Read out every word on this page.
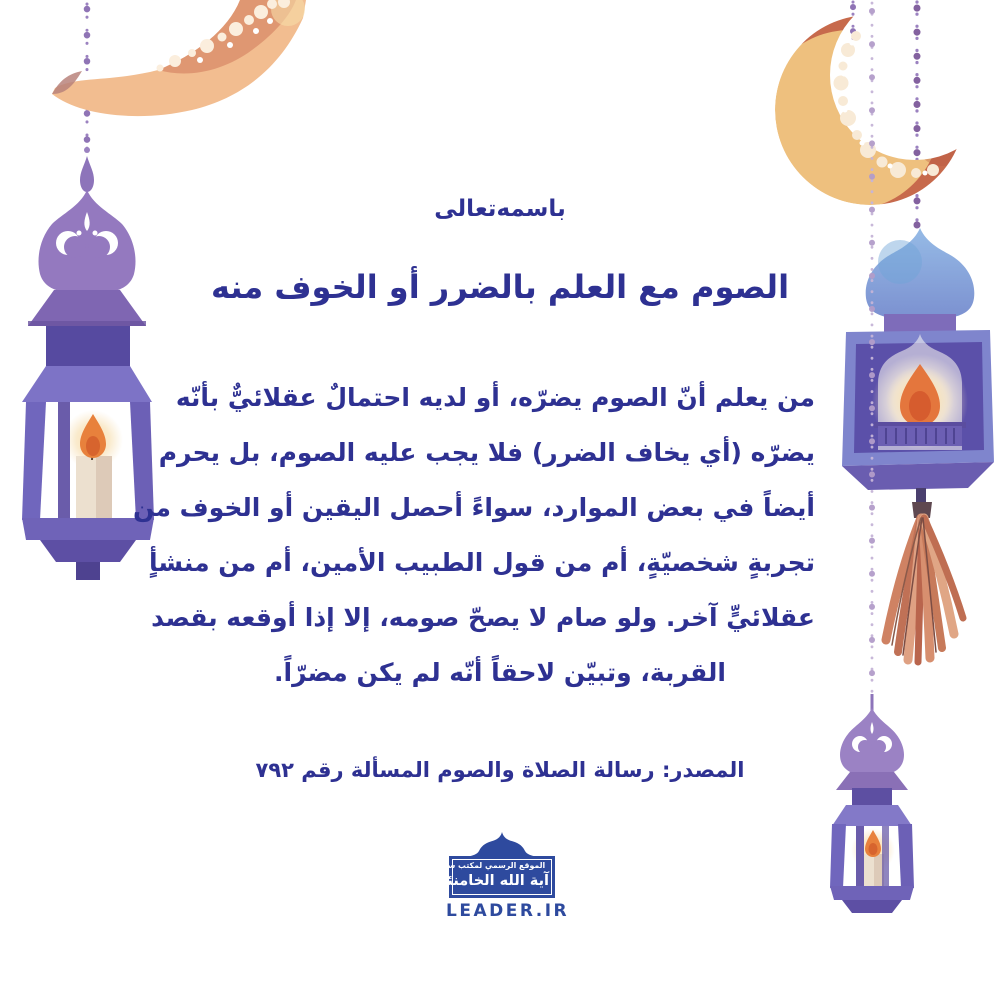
باسمه‌تعالى
الصوم مع العلم بالضرر أو الخوف منه
من يعلم أنّ الصوم يضرّه، أو لديه احتمالٌ عقلائيٌّ بأنّه
يضرّه (أي يخاف الضرر) فلا يجب عليه الصوم، بل يحرم
أيضاً في بعض الموارد، سواءً أحصل اليقين أو الخوف من
تجربةٍ شخصيّةٍ، أم من قول الطبيب الأمين، أم من منشأٍ
عقلائيٍّ آخر. ولو صام لا يصحّ صومه، إلا إذا أوقعه بقصد
القربة، وتبيّن لاحقاً أنّه لم يكن مضرّاً.
المصدر: رسالة الصلاة والصوم المسألة رقم ٧٩٢
الموقع الرسمي لمكتب سماحة
آية الله الخامنئي
LEADER.IR
